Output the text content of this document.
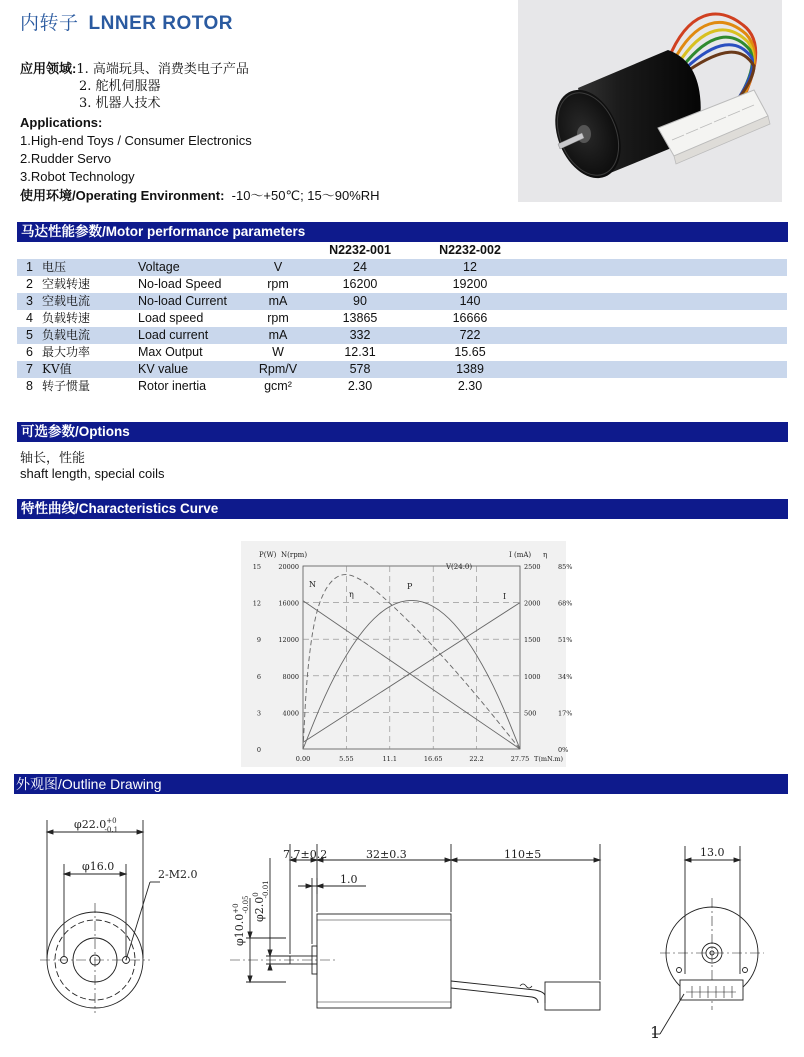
内转子 LNNER ROTOR
应用领域:1. 高端玩具、消费类电子产品
2. 舵机伺服器
3. 机器人技术
Applications:
1.High-end Toys / Consumer Electronics
2.Rudder Servo
3.Robot Technology
使用环境/Operating Environment: -10～+50℃; 15～90%RH
马达性能参数/Motor performance parameters
				N2232-001	N2232-002	
1	电压	Voltage	V	24	12	
2	空载转速	No-load Speed	rpm	16200	19200	
3	空载电流	No-load Current	mA	90	140	
4	负载转速	Load speed	rpm	13865	16666	
5	负载电流	Load current	mA	332	722	
6	最大功率	Max Output	W	12.31	15.65	
7	KV值	KV value	Rpm/V	578	1389	
8	转子惯量	Rotor inertia	gcm²	2.30	2.30	
可选参数/Options
轴长，性能
shaft length, special coils
特性曲线/Characteristics Curve
P(W) N(rpm)	I (mA) η
15
12
9
6
3
0
20000
16000
12000
8000
4000
2500
2000
1500
1000
500
85%
68%
51%
34%
17%
0%
0.00	5.55	11.1	16.65	22.2	27.75 T(mN.m)
V(24.0)
N
η
P
I
外观图/Outline Drawing
$\varphi 22.0^{+0}$ -0.1
φ16.0
2-M2.0
7.7±0.2	32±0.3	110±5
1.0
$\varphi 10.0^{+0}$ -0.05 $\varphi 2.0^0$ -0.01
13.0
1
